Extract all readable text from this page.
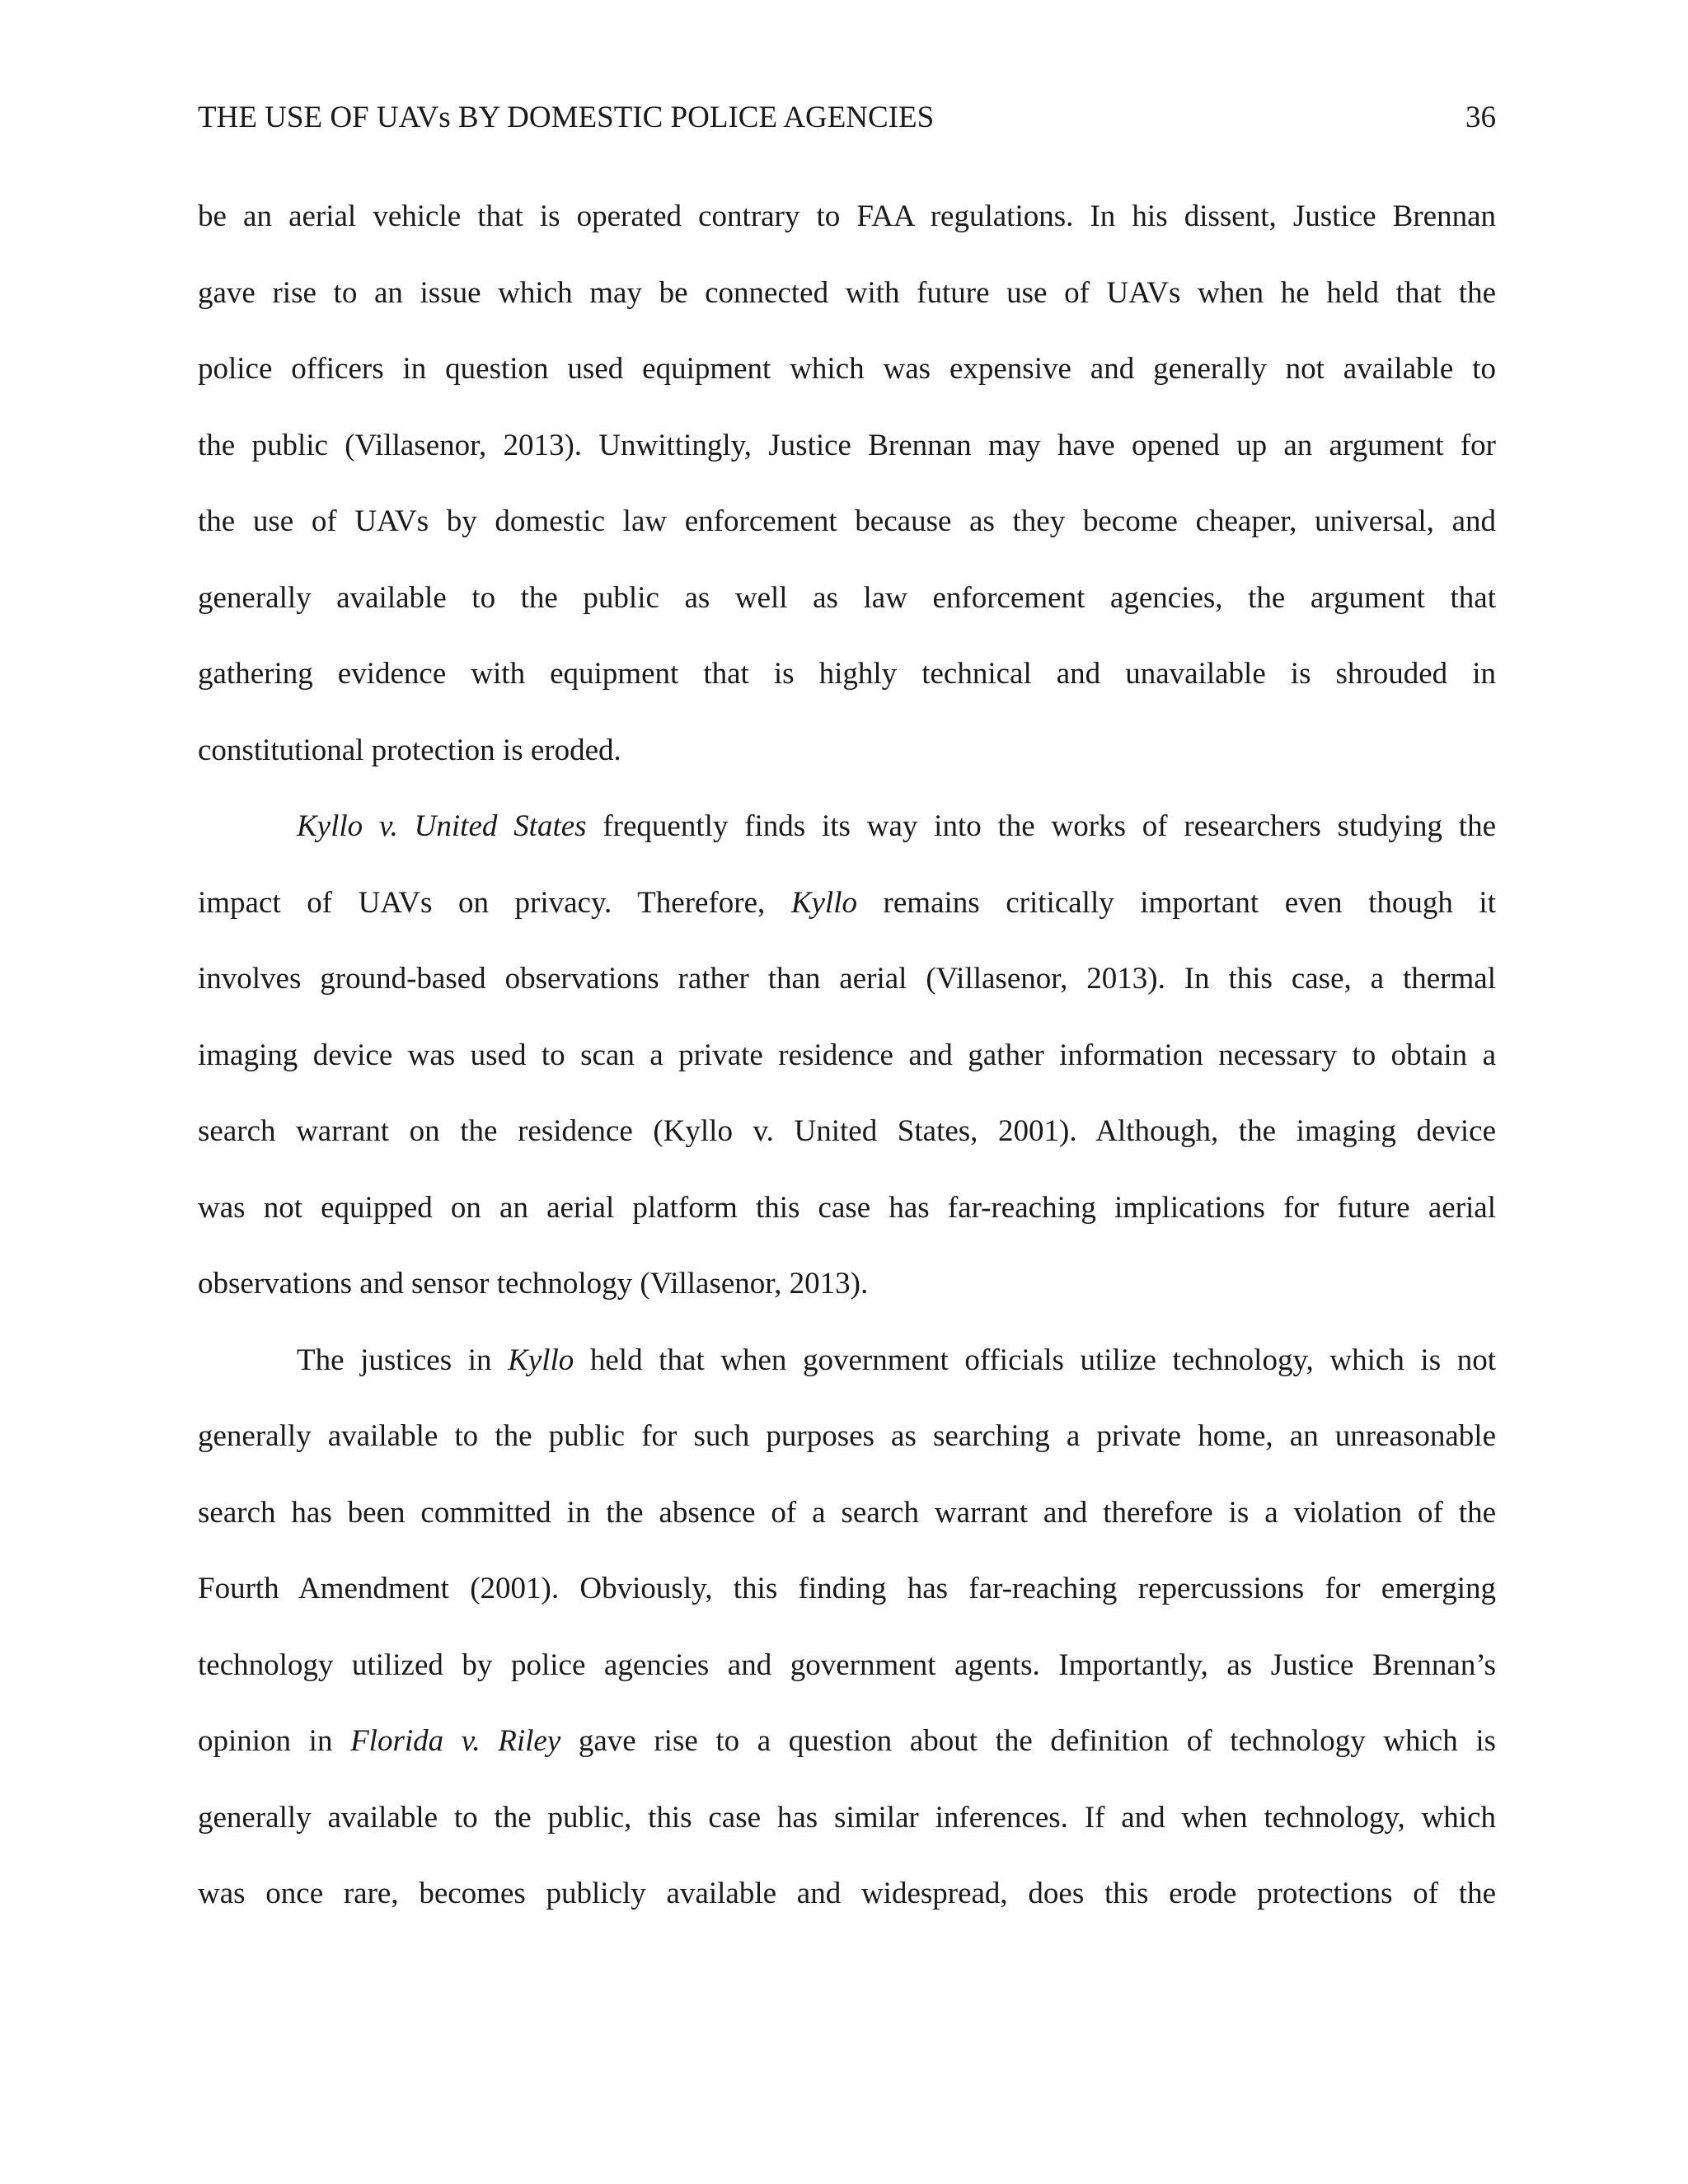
THE USE OF UAVs BY DOMESTIC POLICE AGENCIES	36
be an aerial vehicle that is operated contrary to FAA regulations. In his dissent, Justice Brennan
gave rise to an issue which may be connected with future use of UAVs when he held that the
police officers in question used equipment which was expensive and generally not available to
the public (Villasenor, 2013). Unwittingly, Justice Brennan may have opened up an argument for
the use of UAVs by domestic law enforcement because as they become cheaper, universal, and
generally available to the public as well as law enforcement agencies, the argument that
gathering evidence with equipment that is highly technical and unavailable is shrouded in
constitutional protection is eroded.
Kyllo v. United States frequently finds its way into the works of researchers studying the
impact of UAVs on privacy. Therefore, Kyllo remains critically important even though it
involves ground-based observations rather than aerial (Villasenor, 2013). In this case, a thermal
imaging device was used to scan a private residence and gather information necessary to obtain a
search warrant on the residence (Kyllo v. United States, 2001). Although, the imaging device
was not equipped on an aerial platform this case has far-reaching implications for future aerial
observations and sensor technology (Villasenor, 2013).
The justices in Kyllo held that when government officials utilize technology, which is not
generally available to the public for such purposes as searching a private home, an unreasonable
search has been committed in the absence of a search warrant and therefore is a violation of the
Fourth Amendment (2001). Obviously, this finding has far-reaching repercussions for emerging
technology utilized by police agencies and government agents. Importantly, as Justice Brennan’s
opinion in Florida v. Riley gave rise to a question about the definition of technology which is
generally available to the public, this case has similar inferences. If and when technology, which
was once rare, becomes publicly available and widespread, does this erode protections of the
